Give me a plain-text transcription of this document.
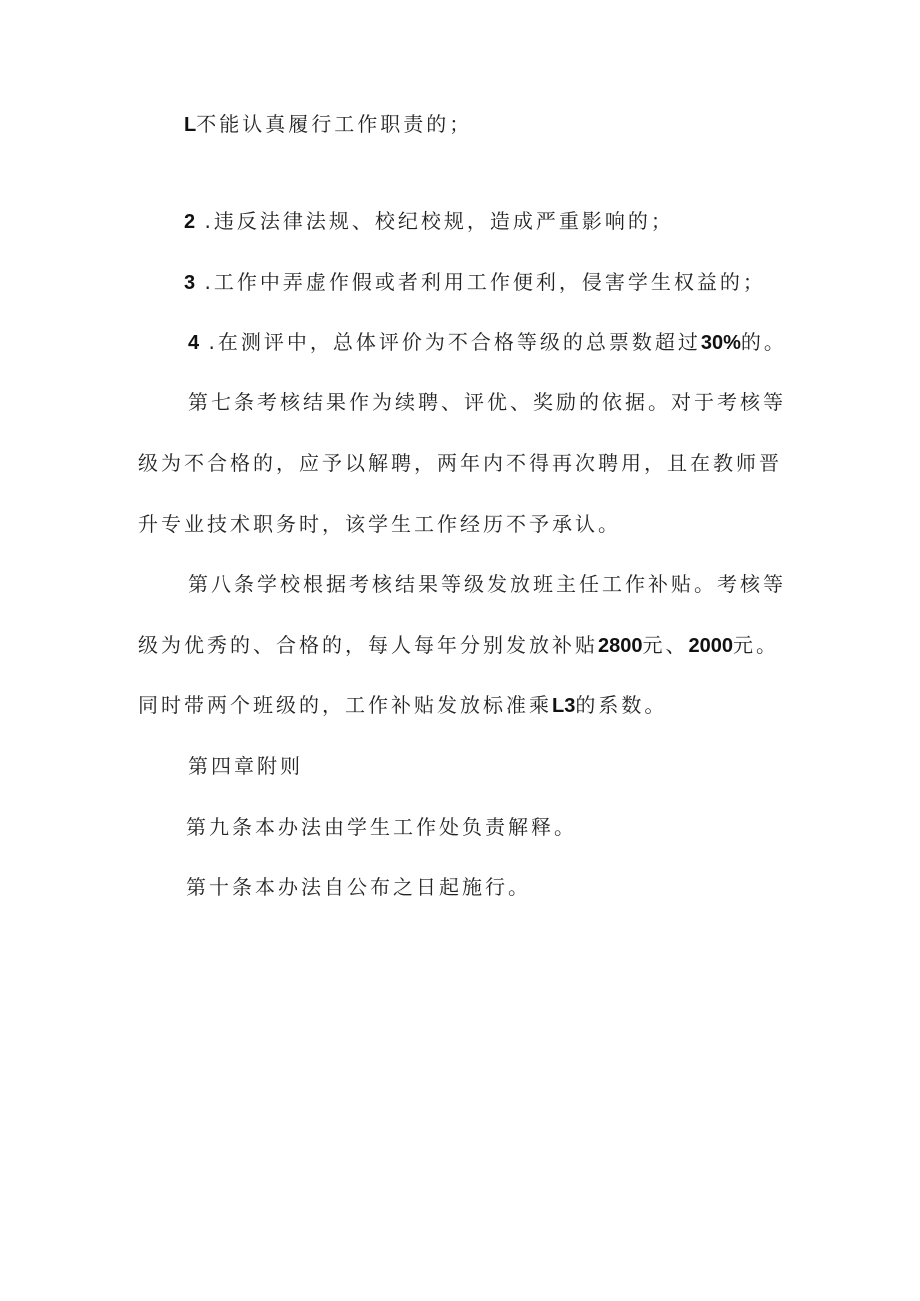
L不能认真履行工作职责的；
2 .违反法律法规、校纪校规，造成严重影响的；
3 .工作中弄虚作假或者利用工作便利，侵害学生权益的；
4 .在测评中，总体评价为不合格等级的总票数超过30%的。
第七条考核结果作为续聘、评优、奖励的依据。对于考核等
级为不合格的，应予以解聘，两年内不得再次聘用，且在教师晋
升专业技术职务时，该学生工作经历不予承认。
第八条学校根据考核结果等级发放班主任工作补贴。考核等
级为优秀的、合格的，每人每年分别发放补贴2800元、2000元。
同时带两个班级的，工作补贴发放标准乘L3的系数。
第四章附则
第九条本办法由学生工作处负责解释。
第十条本办法自公布之日起施行。
